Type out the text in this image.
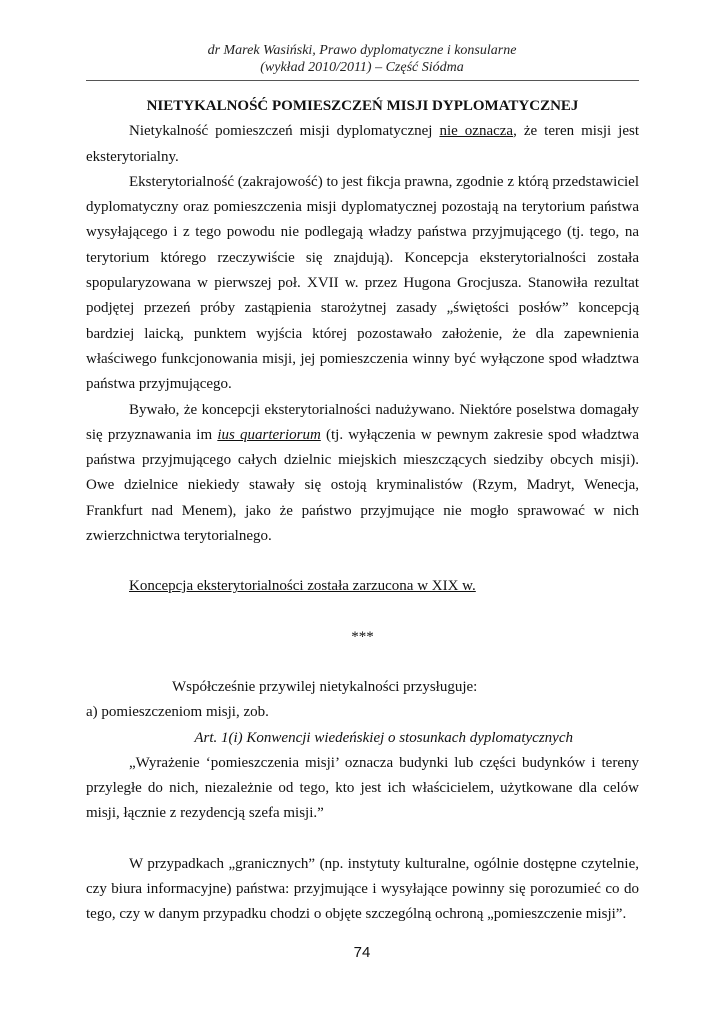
dr Marek Wasiński, Prawo dyplomatyczne i konsularne
(wykład 2010/2011) – Część Siódma

NIETYKALNOŚĆ POMIESZCZEŃ MISJI DYPLOMATYCZNEJ

Nietykalność pomieszczeń misji dyplomatycznej nie oznacza, że teren misji jest eksterytorialny.

Eksterytorialność (zakrajowość) to jest fikcja prawna, zgodnie z którą przedstawiciel dyplomatyczny oraz pomieszczenia misji dyplomatycznej pozostają na terytorium państwa wysyłającego i z tego powodu nie podlegają władzy państwa przyjmującego (tj. tego, na terytorium którego rzeczywiście się znajdują). Koncepcja eksterytorialności została spopularyzowana w pierwszej poł. XVII w. przez Hugona Grocjusza. Stanowiła rezultat podjętej przezeń próby zastąpienia starożytnej zasady „świętości posłów” koncepcją bardziej laicką, punktem wyjścia której pozostawało założenie, że dla zapewnienia właściwego funkcjonowania misji, jej pomieszczenia winny być wyłączone spod władztwa państwa przyjmującego.

Bywało, że koncepcji eksterytorialności nadużywano. Niektóre poselstwa domagały się przyznawania im ius quarteriorum (tj. wyłączenia w pewnym zakresie spod władztwa państwa przyjmującego całych dzielnic miejskich mieszczących siedziby obcych misji). Owe dzielnice niekiedy stawały się ostoją kryminalistów (Rzym, Madryt, Wenecja, Frankfurt nad Menem), jako że państwo przyjmujące nie mogło sprawować w nich zwierzchnictwa terytorialnego.

Koncepcja eksterytorialności została zarzucona w XIX w.

***

Współcześnie przywilej nietykalności przysługuje:

a) pomieszczeniom misji, zob.

Art. 1(i) Konwencji wiedeńskiej o stosunkach dyplomatycznych

„Wyrażenie ‘pomieszczenia misji’ oznacza budynki lub części budynków i tereny przyległe do nich, niezależnie od tego, kto jest ich właścicielem, użytkowane dla celów misji, łącznie z rezydencją szefa misji.”

W przypadkach „granicznych” (np. instytuty kulturalne, ogólnie dostępne czytelnie, czy biura informacyjne) państwa: przyjmujące i wysyłające powinny się porozumieć co do tego, czy w danym przypadku chodzi o objęte szczególną ochroną „pomieszczenie misji”.

74
